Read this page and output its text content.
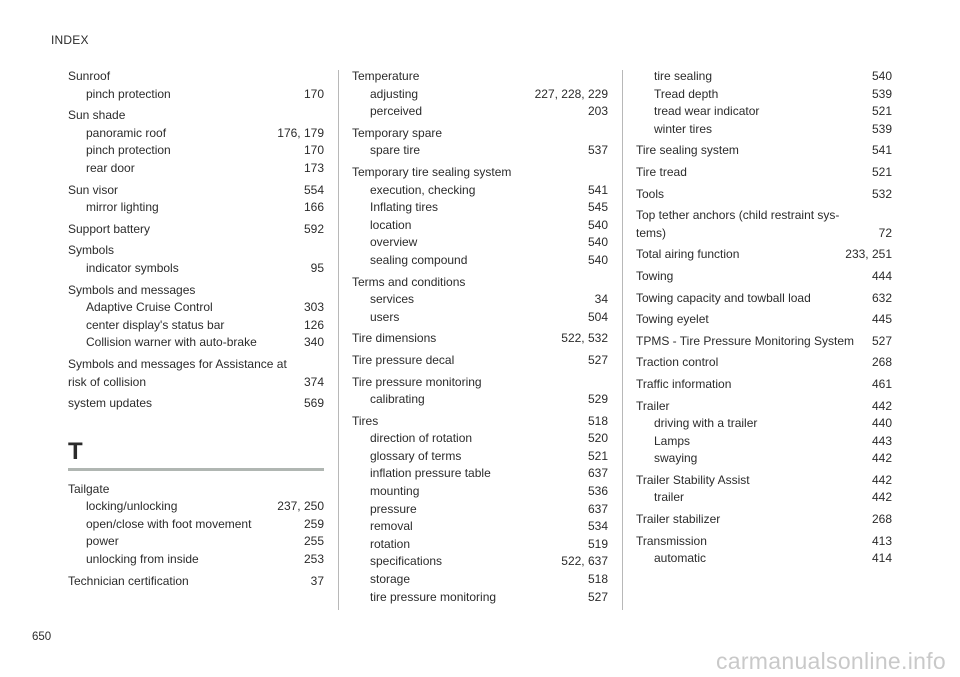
INDEX
Sunroof
pinch protection	170
Sun shade
panoramic roof	176, 179
pinch protection	170
rear door	173
Sun visor	554
mirror lighting	166
Support battery	592
Symbols
indicator symbols	95
Symbols and messages
Adaptive Cruise Control	303
center display's status bar	126
Collision warner with auto-brake	340
Symbols and messages for Assistance at
risk of collision	374
system updates	569
T
Tailgate
locking/unlocking	237, 250
open/close with foot movement	259
power	255
unlocking from inside	253
Technician certification	37
Temperature
adjusting	227, 228, 229
perceived	203
Temporary spare
spare tire	537
Temporary tire sealing system
execution, checking	541
Inflating tires	545
location	540
overview	540
sealing compound	540
Terms and conditions
services	34
users	504
Tire dimensions	522, 532
Tire pressure decal	527
Tire pressure monitoring
calibrating	529
Tires	518
direction of rotation	520
glossary of terms	521
inflation pressure table	637
mounting	536
pressure	637
removal	534
rotation	519
specifications	522, 637
storage	518
tire pressure monitoring	527
tire sealing	540
Tread depth	539
tread wear indicator	521
winter tires	539
Tire sealing system	541
Tire tread	521
Tools	532
Top tether anchors (child restraint sys-
tems)	72
Total airing function	233, 251
Towing	444
Towing capacity and towball load	632
Towing eyelet	445
TPMS - Tire Pressure Monitoring System	527
Traction control	268
Traffic information	461
Trailer	442
driving with a trailer	440
Lamps	443
swaying	442
Trailer Stability Assist	442
trailer	442
Trailer stabilizer	268
Transmission	413
automatic	414
650
carmanualsonline.info
